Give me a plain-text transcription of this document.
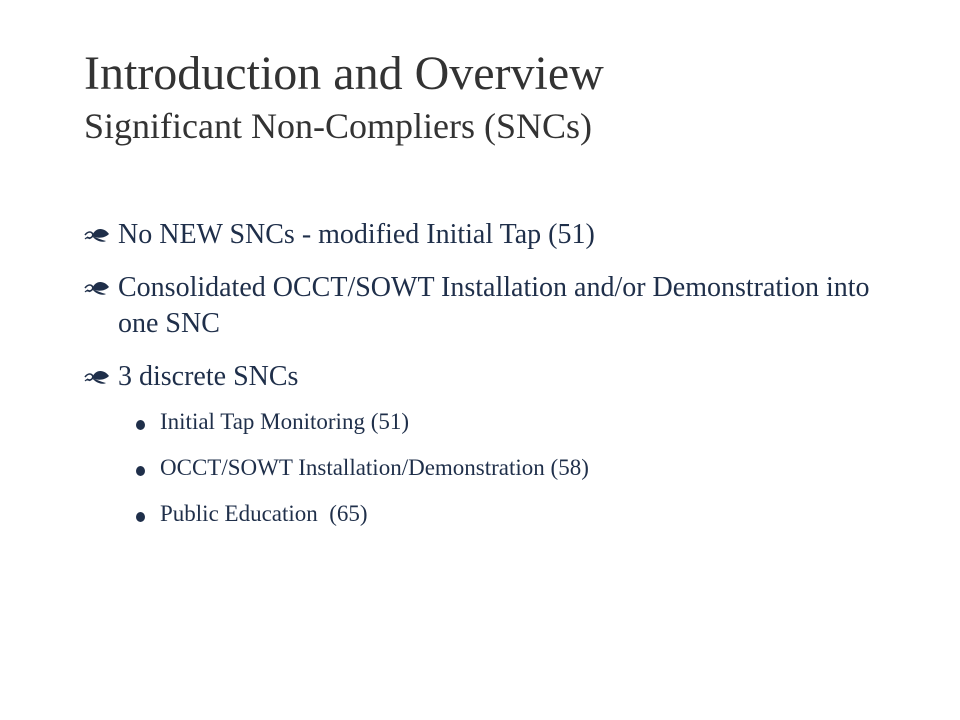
Introduction and Overview
Significant Non-Compliers (SNCs)
No NEW SNCs - modified Initial Tap (51)
Consolidated OCCT/SOWT Installation and/or Demonstration into one SNC
3 discrete SNCs
Initial Tap Monitoring (51)
OCCT/SOWT Installation/Demonstration (58)
Public Education  (65)
